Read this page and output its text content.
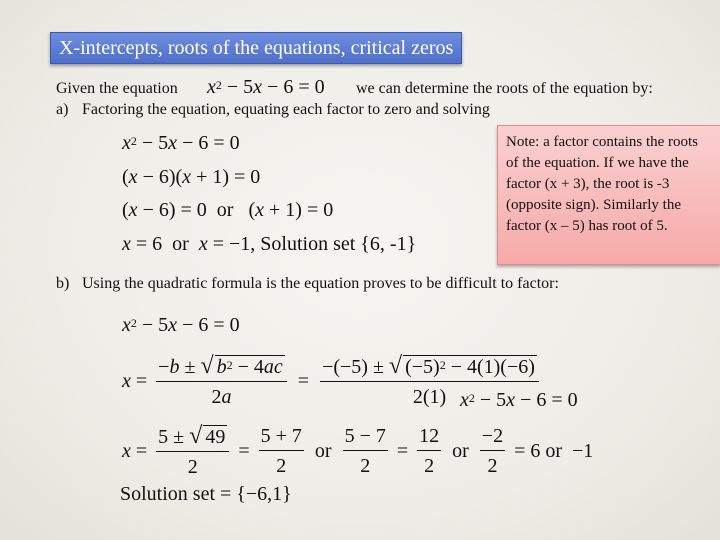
X-intercepts, roots of the equations, critical zeros
Given the equation $x^2 - 5x - 6 = 0$ we can determine the roots of the equation by:
a) Factoring the equation, equating each factor to zero and solving
$x^2 - 5x - 6 = 0$
(x − 6)(x + 1) = 0
(x − 6) = 0  or   (x + 1) = 0
x = 6  or x = −1, Solution set {6, -1}
Note: a factor contains the roots of the equation. If we have the factor (x + 3), the root is -3 (opposite sign). Similarly the factor (x – 5) has root of 5.
b) Using the quadratic formula is the equation proves to be difficult to factor:
$x^2 - 5x - 6 = 0$
$x = \frac{-b \pm √ b^2 - 4ac}{2a} = \frac{-(-5) \pm √ (-5)^2 - 4(1)(-6)}{2(1)}$
$x^2 - 5x - 6 = 0$
$x = \frac{5 \pm √ 49}{2} = \frac{5 + 7}{2}$ or $\frac{5 - 7}{2} = \frac{12}{2}$ or $\frac{-2}{2} = 6$ or  −1
Solution set = {−6,1}
